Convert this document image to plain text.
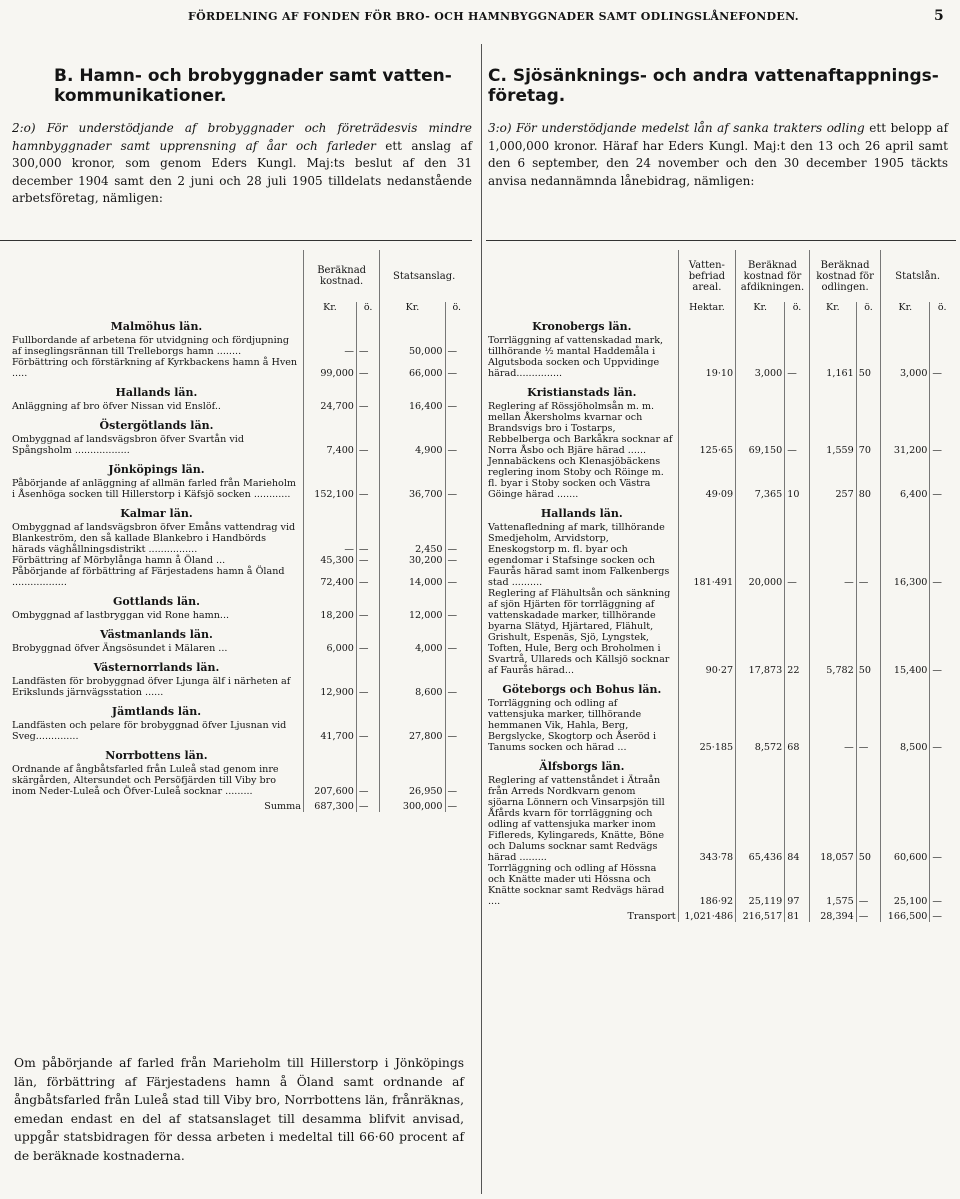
FÖRDELNING AF FONDEN FÖR BRO- OCH HAMNBYGGNADER SAMT ODLINGSLÅNEFONDEN.	5
B. Hamn- och brobyggnader samt vatten-kommunikationer.
2:o) För understödjande af brobyggnader och företrädesvis mindre hamnbyggnader samt upprensning af åar och farleder ett anslag af 300,000 kronor, som genom Eders Kungl. Maj:ts beslut af den 31 december 1904 samt den 2 juni och 28 juli 1905 tilldelats nedanstående arbetsföretag, nämligen:
	Beräknad kostnad.		Statsanslag.	
	Kr.	ö.	Kr.	ö.
Malmöhus län.				
Fullbordande af arbetena för utvidgning och fördjupning af inseglingsrännan till Trelleborgs hamn ........	—	—	50,000	—
Förbättring och förstärkning af Kyrkbackens hamn å Hven .....	99,000	—	66,000	—
Hallands län.				
Anläggning af bro öfver Nissan vid Enslöf..	24,700	—	16,400	—
Östergötlands län.				
Ombyggnad af landsvägsbron öfver Svartån vid Spångsholm ..................	7,400	—	4,900	—
Jönköpings län.				
Påbörjande af anläggning af allmän farled från Marieholm i Åsenhöga socken till Hillerstorp i Käfsjö socken ............	152,100	—	36,700	—
Kalmar län.				
Ombyggnad af landsvägsbron öfver Emåns vattendrag vid Blankeström, den så kallade Blankebro i Handbörds härads väghållningsdistrikt ................	—	—	2,450	—
Förbättring af Mörbylånga hamn å Öland ...	45,300	—	30,200	—
Påbörjande af förbättring af Färjestadens hamn å Öland ..................	72,400	—	14,000	—
Gottlands län.				
Ombyggnad af lastbryggan vid Rone hamn...	18,200	—	12,000	—
Västmanlands län.				
Brobyggnad öfver Ängsösundet i Mälaren ...	6,000	—	4,000	—
Västernorrlands län.				
Landfästen för brobyggnad öfver Ljunga älf i närheten af Erikslunds järnvägsstation ......	12,900	—	8,600	—
Jämtlands län.				
Landfästen och pelare för brobyggnad öfver Ljusnan vid Sveg..............	41,700	—	27,800	—
Norrbottens län.				
Ordnande af ångbåtsfarled från Luleå stad genom inre skärgården, Altersundet och Persöfjärden till Viby bro inom Neder-Luleå och Öfver-Luleå socknar .........	207,600	—	26,950	—
Summa	687,300	—	300,000	—
Om påbörjande af farled från Marieholm till Hillerstorp i Jönköpings län, förbättring af Färjestadens hamn å Öland samt ordnande af ångbåtsfarled från Luleå stad till Viby bro, Norrbottens län, frånräknas, emedan endast en del af statsanslaget till desamma blifvit anvisad, uppgår statsbidragen för dessa arbeten i medeltal till 66·60 procent af de beräknade kostnaderna.
C. Sjösänknings- och andra vattenaftappnings-företag.
3:o) För understödjande medelst lån af sanka trakters odling ett belopp af 1,000,000 kronor. Häraf har Eders Kungl. Maj:t den 13 och 26 april samt den 6 september, den 24 november och den 30 december 1905 täckts anvisa nedannämnda lånebidrag, nämligen:
	Vatten-befriad areal.	Beräknad kostnad för afdikningen.		Beräknad kostnad för odlingen.		Statslån.	
	Hektar.	Kr.	ö.	Kr.	ö.	Kr.	ö.
Kronobergs län.							
Torrläggning af vattenskadad mark, tillhörande ½ mantal Haddemåla i Algutsboda socken och Uppvidinge härad...............	19·10	3,000	—	1,161	50	3,000	—
Kristianstads län.							
Reglering af Rössjöholmsån m. m. mellan Åkersholms kvarnar och Brandsvigs bro i Tostarps, Rebbelberga och Barkåkra socknar af Norra Åsbo och Bjäre härad ......	125·65	69,150	—	1,559	70	31,200	—
Jennabäckens och Klenasjöbäckens reglering inom Stoby och Röinge m. fl. byar i Stoby socken och Västra Göinge härad .......	49·09	7,365	10	257	80	6,400	—
Hallands län.							
Vattenafledning af mark, tillhörande Smedjeholm, Arvidstorp, Eneskogstorp m. fl. byar och egendomar i Stafsinge socken och Faurås härad samt inom Falkenbergs stad ..........	181·491	20,000	—	—	—	16,300	—
Reglering af Flähultsån och sänkning af sjön Hjärten för torrläggning af vattenskadade marker, tillhörande byarna Slätyd, Hjärtared, Flähult, Grishult, Espenäs, Sjö, Lyngstek, Toften, Hule, Berg och Broholmen i Svartrå, Ullareds och Källsjö socknar af Faurås härad...	90·27	17,873	22	5,782	50	15,400	—
Göteborgs och Bohus län.							
Torrläggning och odling af vattensjuka marker, tillhörande hemmanen Vik, Hahla, Berg, Bergslycke, Skogtorp och Åseröd i Tanums socken och härad ...	25·185	8,572	68	—	—	8,500	—
Älfsborgs län.							
Reglering af vattenståndet i Ätraån från Arreds Nordkvarn genom sjöarna Lönnern och Vinsarpsjön till Åfårds kvarn för torrläggning och odling af vattensjuka marker inom Fiflereds, Kylingareds, Knätte, Böne och Dalums socknar samt Redvägs härad .........	343·78	65,436	84	18,057	50	60,600	—
Torrläggning och odling af Hössna och Knätte mader uti Hössna och Knätte socknar samt Redvägs härad ....	186·92	25,119	97	1,575	—	25,100	—
Transport	1,021·486	216,517	81	28,394	—	166,500	—
